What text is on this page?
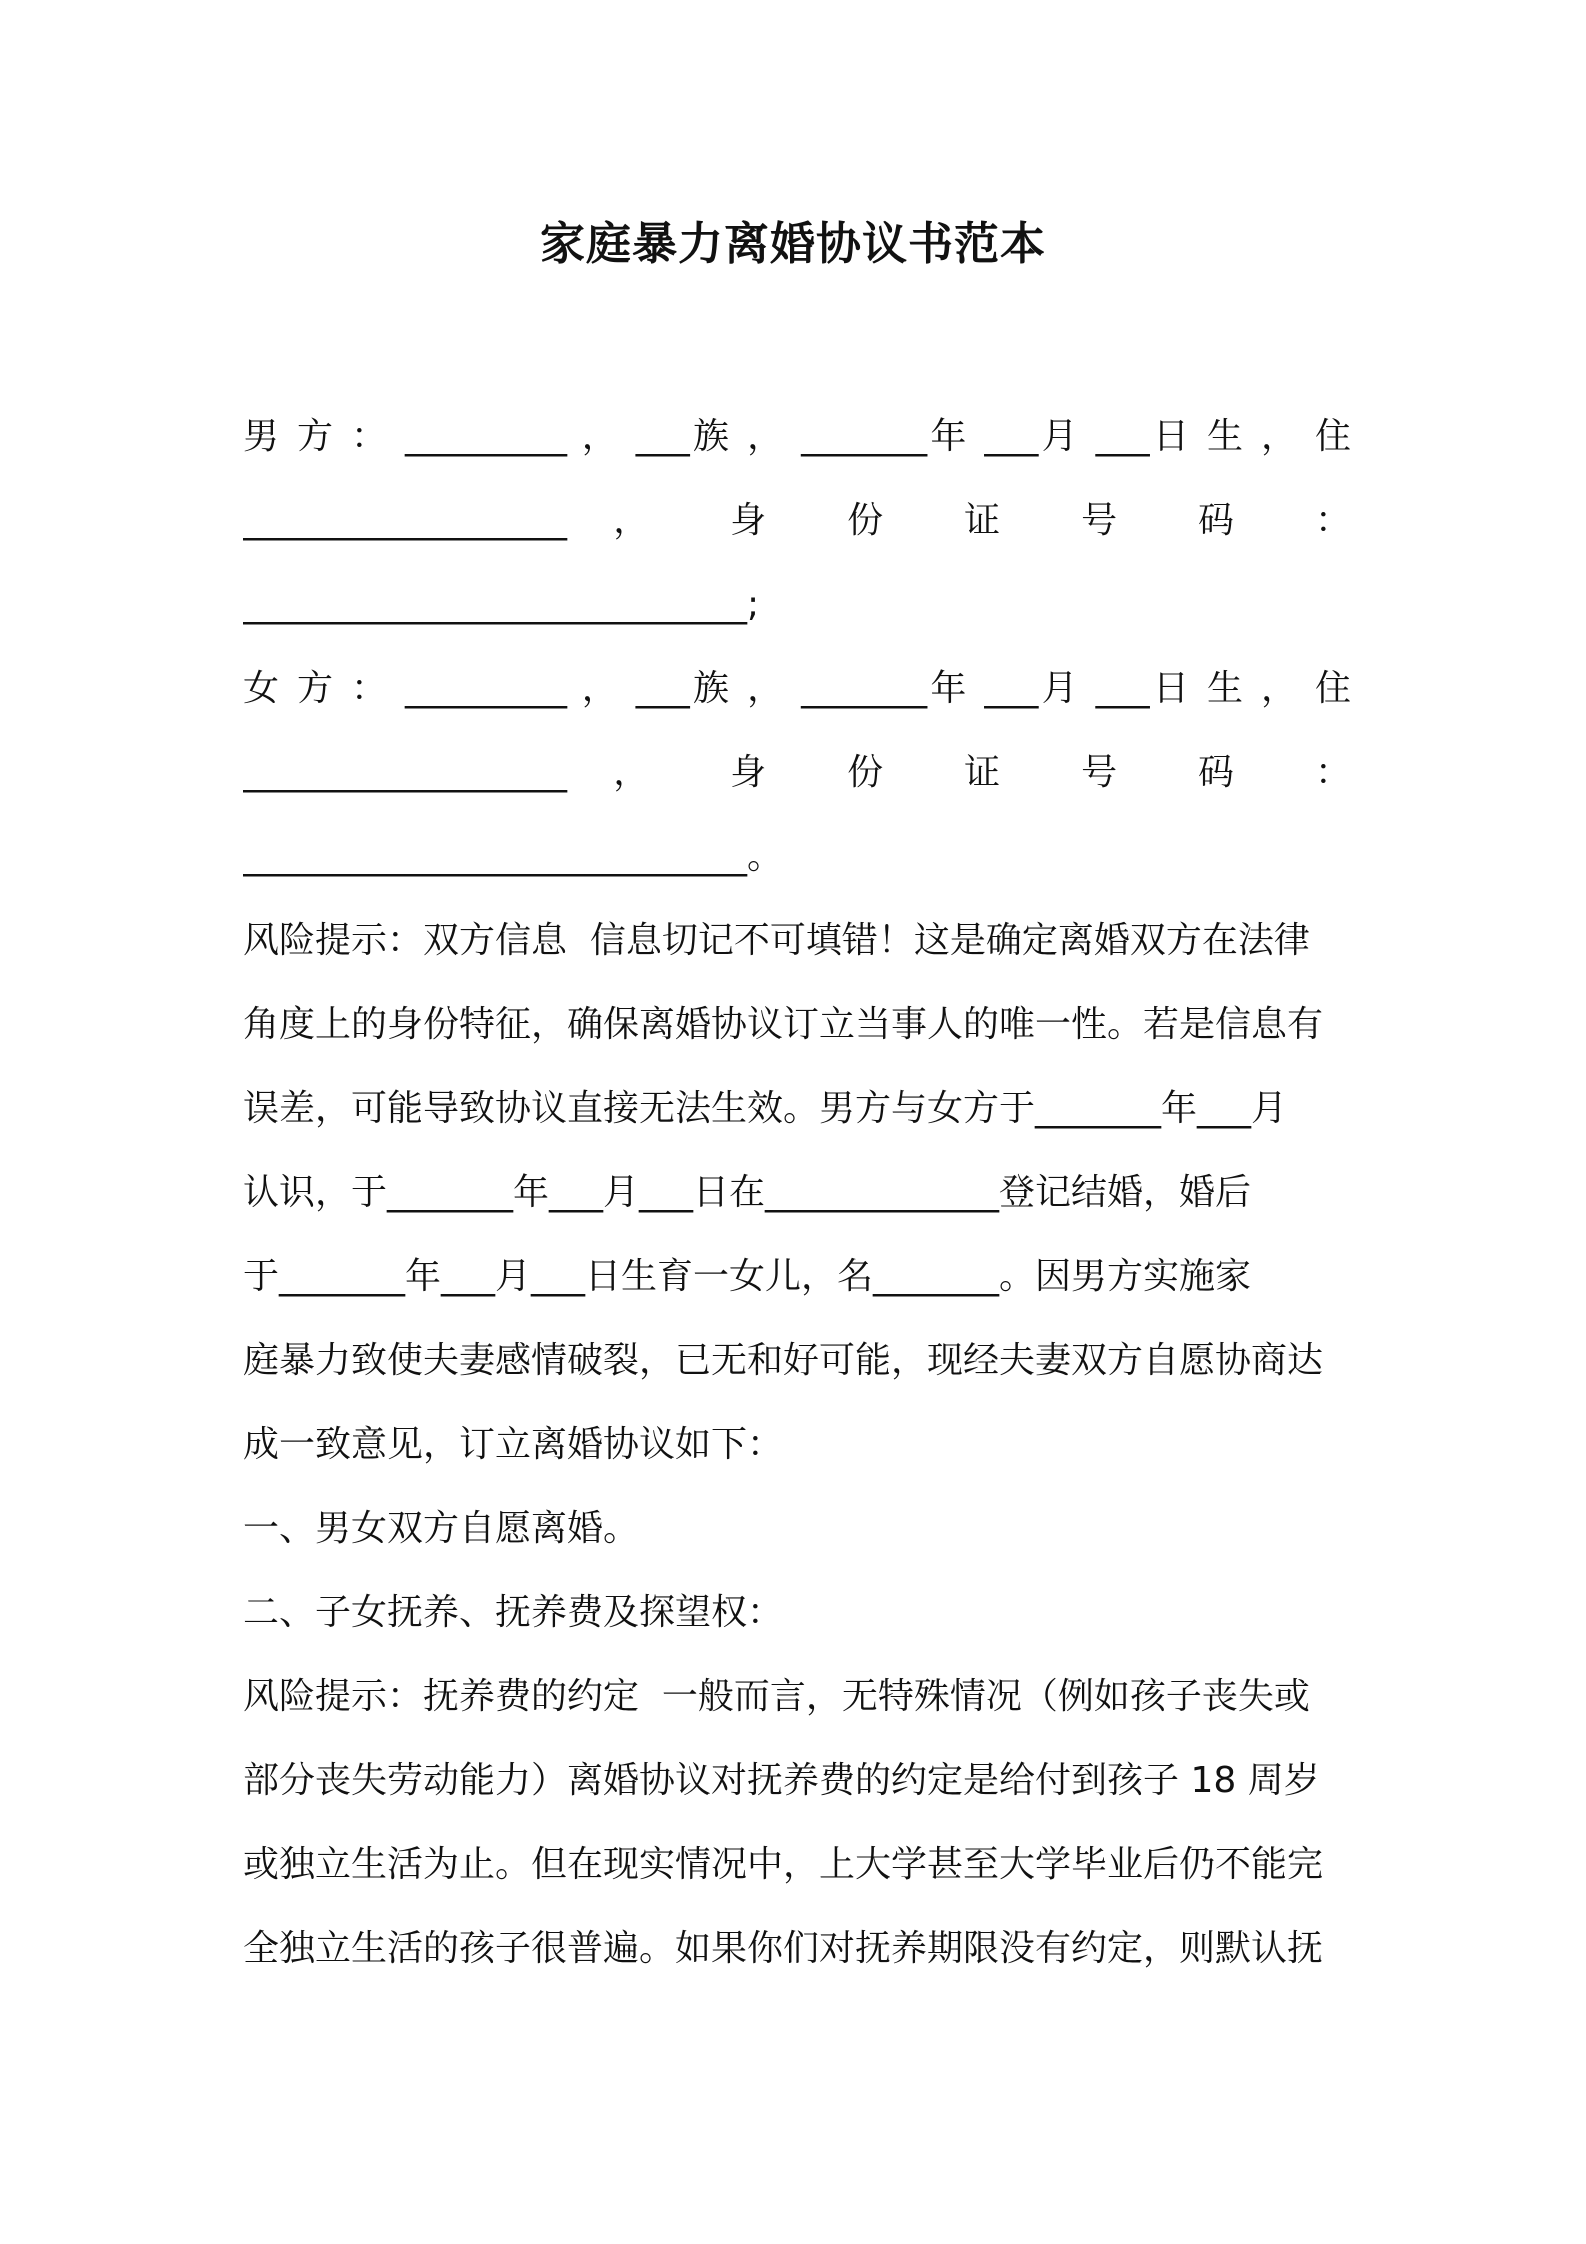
家庭暴力离婚协议书范本
男 方 ： _________ ， ___族 ， _______年 ___月 ___日 生 ， 住
__________________ ， 身 份 证 号 码 ：
____________________________;
女 方 ： _________ ， ___族 ， _______年 ___月 ___日 生 ， 住
__________________ ， 身 份 证 号 码 ：
____________________________。
风险提示：双方信息  信息切记不可填错！这是确定离婚双方在法律
角度上的身份特征，确保离婚协议订立当事人的唯一性。若是信息有
误差，可能导致协议直接无法生效。男方与女方于_______年___月
认识，于_______年___月___日在_____________登记结婚，婚后
于_______年___月___日生育一女儿，名_______。因男方实施家
庭暴力致使夫妻感情破裂，已无和好可能，现经夫妻双方自愿协商达
成一致意见，订立离婚协议如下：
一、男女双方自愿离婚。
二、子女抚养、抚养费及探望权：
风险提示：抚养费的约定  一般而言，无特殊情况（例如孩子丧失或
部分丧失劳动能力）离婚协议对抚养费的约定是给付到孩子 18 周岁
或独立生活为止。但在现实情况中，上大学甚至大学毕业后仍不能完
全独立生活的孩子很普遍。如果你们对抚养期限没有约定，则默认抚
